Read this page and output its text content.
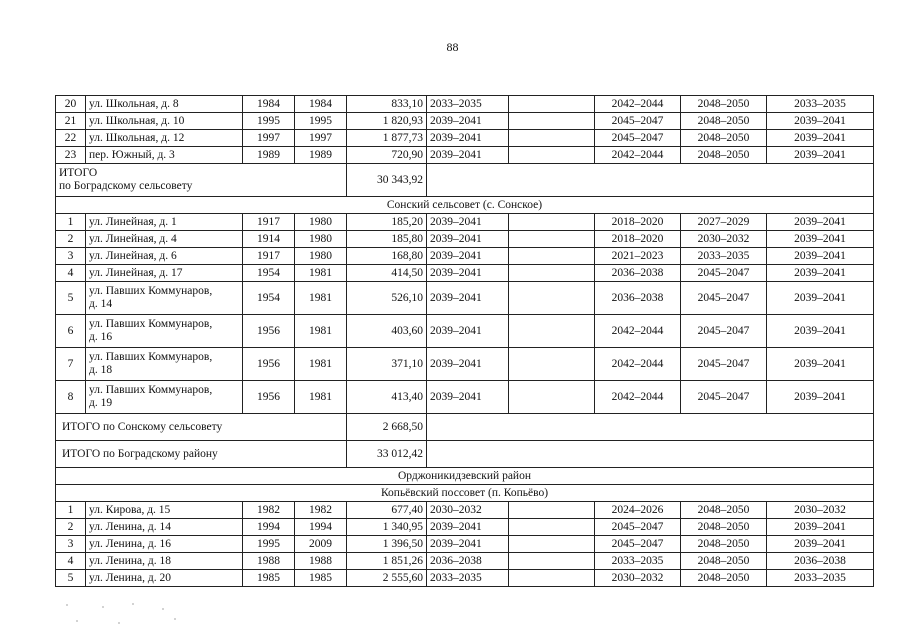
88
20	ул. Школьная, д. 8	1984	1984	833,10	2033–2035		2042–2044	2048–2050	2033–2035
21	ул. Школьная, д. 10	1995	1995	1 820,93	2039–2041		2045–2047	2048–2050	2039–2041
22	ул. Школьная, д. 12	1997	1997	1 877,73	2039–2041		2045–2047	2048–2050	2039–2041
23	пер. Южный, д. 3	1989	1989	720,90	2039–2041		2042–2044	2048–2050	2039–2041
ИТОГО
по Боградскому сельсовету				30 343,92					
Сонский сельсовет (с. Сонское)									
1	ул. Линейная, д. 1	1917	1980	185,20	2039–2041		2018–2020	2027–2029	2039–2041
2	ул. Линейная, д. 4	1914	1980	185,80	2039–2041		2018–2020	2030–2032	2039–2041
3	ул. Линейная, д. 6	1917	1980	168,80	2039–2041		2021–2023	2033–2035	2039–2041
4	ул. Линейная, д. 17	1954	1981	414,50	2039–2041		2036–2038	2045–2047	2039–2041
5	ул. Павших Коммунаров,
д. 14	1954	1981	526,10	2039–2041		2036–2038	2045–2047	2039–2041
6	ул. Павших Коммунаров,
д. 16	1956	1981	403,60	2039–2041		2042–2044	2045–2047	2039–2041
7	ул. Павших Коммунаров,
д. 18	1956	1981	371,10	2039–2041		2042–2044	2045–2047	2039–2041
8	ул. Павших Коммунаров,
д. 19	1956	1981	413,40	2039–2041		2042–2044	2045–2047	2039–2041
ИТОГО по Сонскому сельсовету				2 668,50					
ИТОГО по Боградскому району				33 012,42					
Орджоникидзевский район									
Копьёвский поссовет (п. Копьёво)									
1	ул. Кирова, д. 15	1982	1982	677,40	2030–2032		2024–2026	2048–2050	2030–2032
2	ул. Ленина, д. 14	1994	1994	1 340,95	2039–2041		2045–2047	2048–2050	2039–2041
3	ул. Ленина, д. 16	1995	2009	1 396,50	2039–2041		2045–2047	2048–2050	2039–2041
4	ул. Ленина, д. 18	1988	1988	1 851,26	2036–2038		2033–2035	2048–2050	2036–2038
5	ул. Ленина, д. 20	1985	1985	2 555,60	2033–2035		2030–2032	2048–2050	2033–2035
